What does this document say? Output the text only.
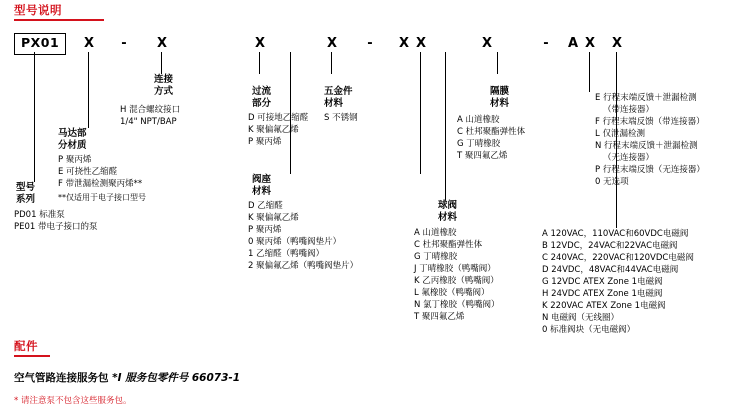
型号说明
PX01	X	-	X	X	X	-	X X	X	-	A X X
连接
方式
H 混合螺纹接口
1/4" NPT/BAP
过流
部分
D 可接地乙缩醛
K 聚偏氟乙烯
P 聚丙烯
五金件
材料
S 不锈钢
隔膜
材料
A 山道橡胶
C 杜邦聚酯弹性体
G 丁晴橡胶
T 聚四氟乙烯
马达部
分材质
P 聚丙烯
E 可挠性乙缩醛
F 带泄漏检测聚丙烯**
**仅适用于电子接口型号
阀座
材料
D 乙缩醛
K 聚偏氟乙烯
P 聚丙烯
0 聚丙烯（鸭嘴阀垫片）
1 乙缩醛（鸭嘴阀）
2 聚偏氟乙烯（鸭嘴阀垫片）
型号
系列
PD01 标准泵
PE01 带电子接口的泵
球阀
材料
A 山道橡胶
C 杜邦聚酯弹性体
G 丁晴橡胶
J 丁晴橡胶（鸭嘴阀）
K 乙丙橡胶（鸭嘴阀）
L 氟橡胶（鸭嘴阀）
N 氯丁橡胶（鸭嘴阀）
T 聚四氟乙烯
E 行程末端反馈＋泄漏检测
（带连接器）
F 行程末端反馈（带连接器）
L 仅泄漏检测
N 行程末端反馈＋泄漏检测
（无连接器）
P 行程末端反馈（无连接器）
0 无选项
A 120VAC，110VAC和60VDC电磁阀
B 12VDC，24VAC和22VAC电磁阀
C 240VAC，220VAC和120VDC电磁阀
D 24VDC，48VAC和44VAC电磁阀
G 12VDC ATEX Zone 1电磁阀
H 24VDC ATEX Zone 1电磁阀
K 220VAC ATEX Zone 1电磁阀
N 电磁阀（无线圈）
0 标准阀块（无电磁阀）
配件
空气管路连接服务包 *I 服务包零件号 66073-1
* 请注意泵不包含这些服务包。
